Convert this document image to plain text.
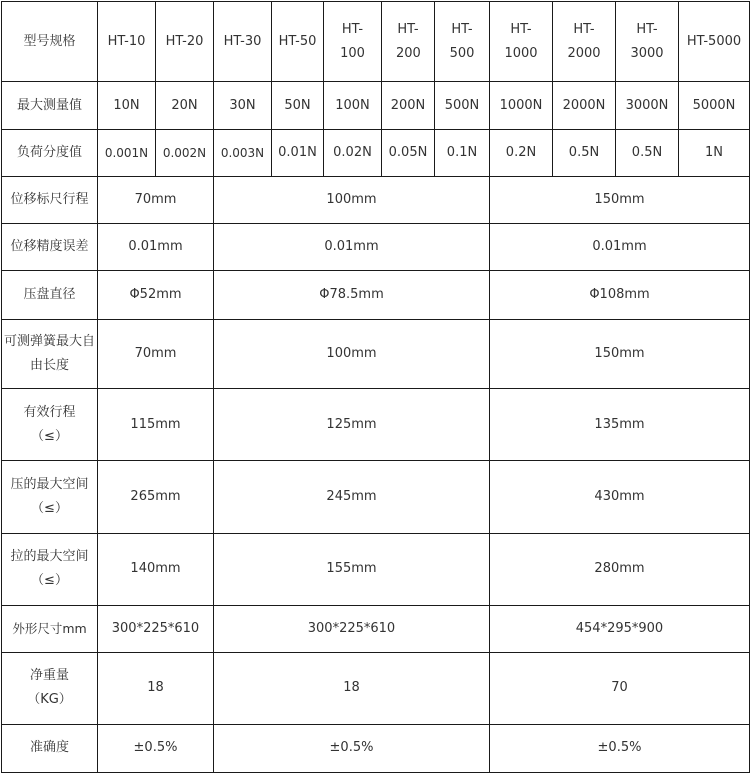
型号规格	HT-10	HT-20	HT-30	HT-50	HT-100	HT-200	HT-500	HT-1000	HT-2000	HT-3000	HT-5000
最大测量值	10N	20N	30N	50N	100N	200N	500N	1000N	2000N	3000N	5000N
负荷分度值	0.001N	0.002N	0.003N	0.01N	0.02N	0.05N	0.1N	0.2N	0.5N	0.5N	1N
位移标尺行程	70mm		100mm					150mm			
位移精度误差	0.01mm		0.01mm					0.01mm			
压盘直径	Φ52mm		Φ78.5mm					Φ108mm			
可测弹簧最大自由长度	70mm		100mm					150mm			
有效行程（≤）	115mm		125mm					135mm			
压的最大空间（≤）	265mm		245mm					430mm			
拉的最大空间（≤）	140mm		155mm					280mm			
外形尺寸mm	300*225*610		300*225*610					454*295*900			
净重量（KG）	18		18					70			
准确度	±0.5%		±0.5%					±0.5%			
